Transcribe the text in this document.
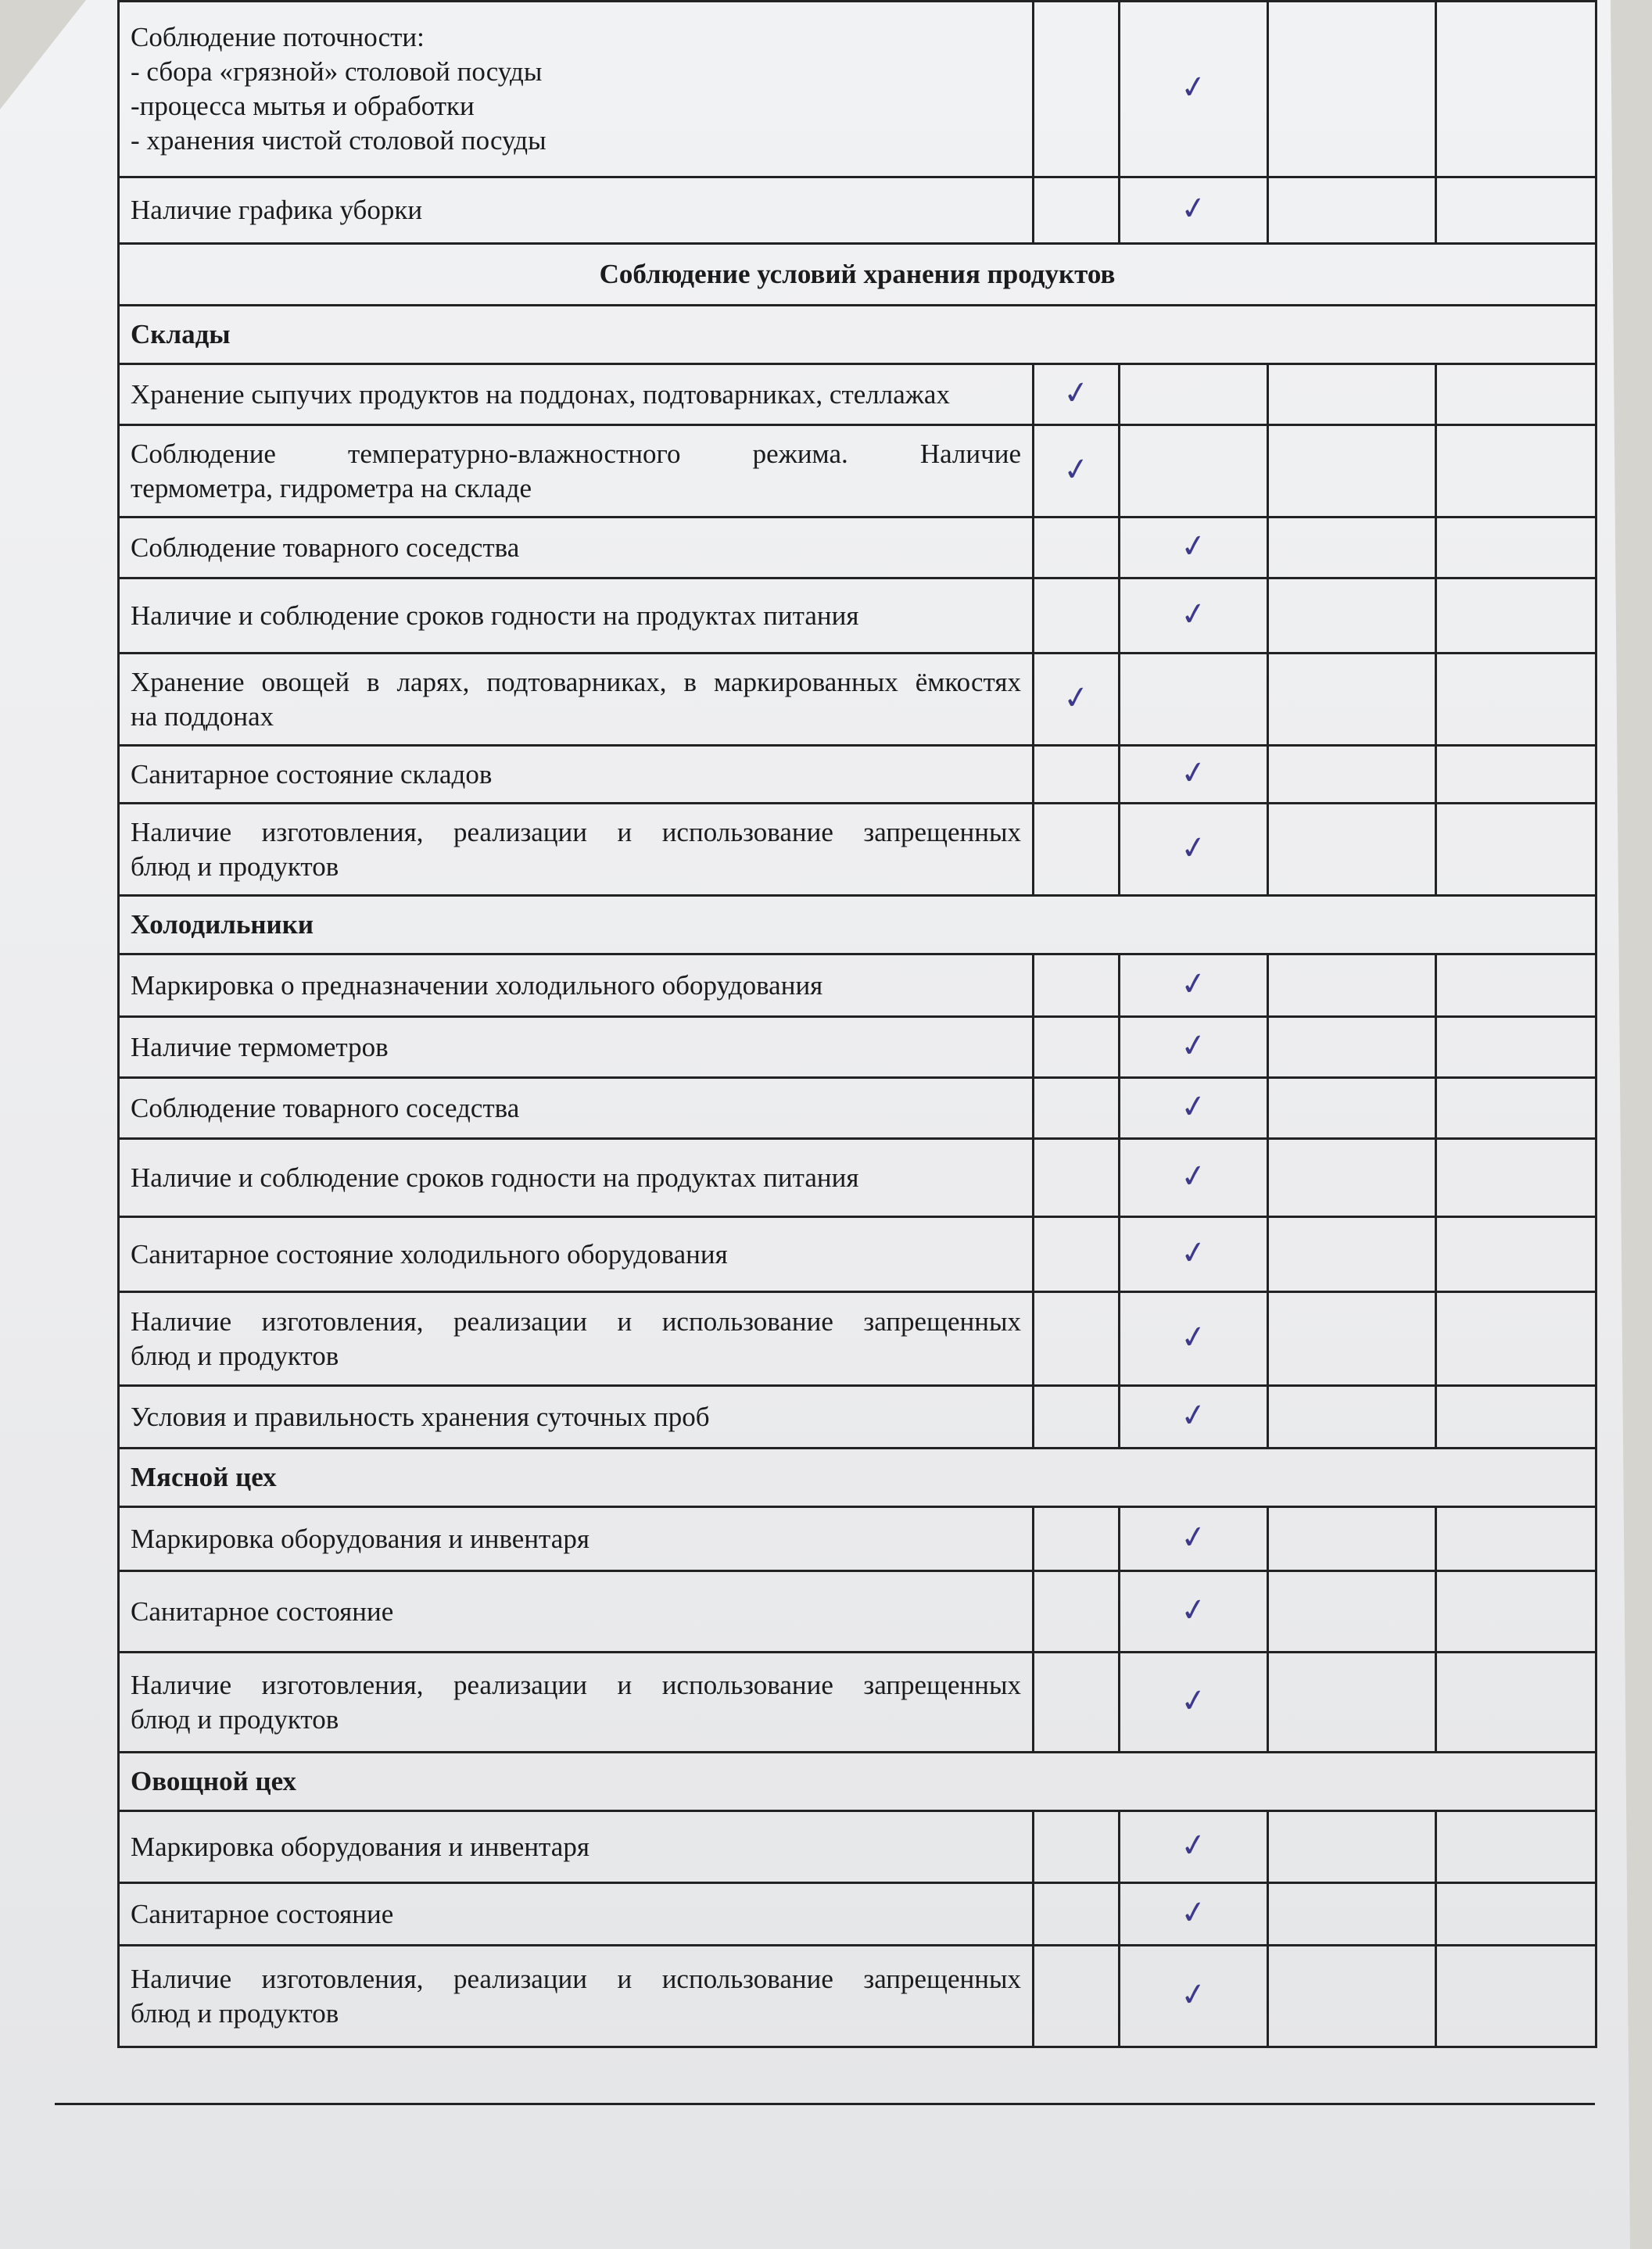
Соблюдение поточности:
- сбора «грязной» столовой посуды
-процесса мытья и обработки
- хранения чистой столовой посуды		✓		

Наличие графика уборки		✓		
Соблюдение условий хранения продуктов				
Склады				

Хранение сыпучих продуктов на поддонах, подтоварниках, стеллажах	✓			

Соблюдение температурно-влажностного режима. Наличие
термометра, гидрометра на складе	✓			

Соблюдение товарного соседства		✓		

Наличие и соблюдение сроков годности на продуктах питания		✓		

Хранение овощей в ларях, подтоварниках, в маркированных ёмкостях
на поддонах	✓			

Санитарное состояние складов		✓		

Наличие изготовления, реализации и использование запрещенных
блюд и продуктов		✓		
Холодильники				

Маркировка о предназначении холодильного оборудования		✓		

Наличие термометров		✓		

Соблюдение товарного соседства		✓		

Наличие и соблюдение сроков годности на продуктах питания		✓		

Санитарное состояние холодильного оборудования		✓		

Наличие изготовления, реализации и использование запрещенных
блюд и продуктов		✓		

Условия и правильность хранения суточных проб		✓		
Мясной цех				

Маркировка оборудования и инвентаря		✓		

Санитарное состояние		✓		

Наличие изготовления, реализации и использование запрещенных
блюд и продуктов		✓		
Овощной цех				

Маркировка оборудования и инвентаря		✓		

Санитарное состояние		✓		

Наличие изготовления, реализации и использование запрещенных
блюд и продуктов		✓		
